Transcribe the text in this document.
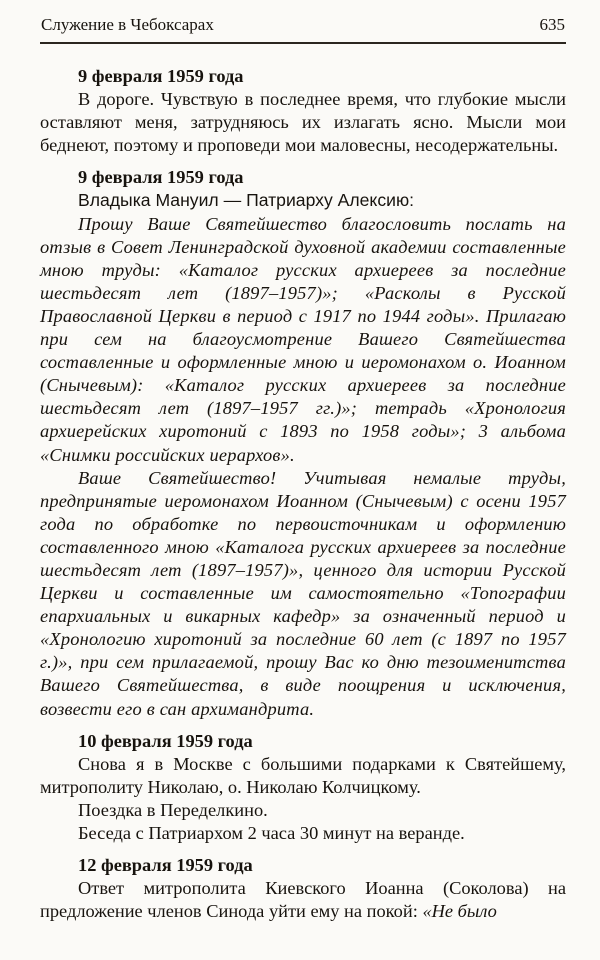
Служение в Чебоксарах	635

9 февраля 1959 года

В дороге. Чувствую в последнее время, что глубокие мысли оставляют меня, затрудняюсь их излагать ясно. Мысли мои беднеют, поэтому и проповеди мои маловесны, несодержательны.

9 февраля 1959 года

Владыка Мануил — Патриарху Алексию:

Прошу Ваше Святейшество благословить послать на отзыв в Совет Ленинградской духовной академии составленные мною труды: «Каталог русских архиереев за последние шестьдесят лет (1897–1957)»; «Расколы в Русской Православной Церкви в период с 1917 по 1944 годы». Прилагаю при сем на благоусмотрение Вашего Святейшества составленные и оформленные мною и иеромонахом о. Иоанном (Снычевым): «Каталог русских архиереев за последние шестьдесят лет (1897–1957 гг.)»; тетрадь «Хронология архиерейских хиротоний с 1893 по 1958 годы»; 3 альбома «Снимки российских иерархов».

Ваше Святейшество! Учитывая немалые труды, предпринятые иеромонахом Иоанном (Снычевым) с осени 1957 года по обработке по первоисточникам и оформлению составленного мною «Каталога русских архиереев за последние шестьдесят лет (1897–1957)», ценного для истории Русской Церкви и составленные им самостоятельно «Топографии епархиальных и викарных кафедр» за означенный период и «Хронологию хиротоний за последние 60 лет (с 1897 по 1957 г.)», при сем прилагаемой, прошу Вас ко дню тезоименитства Вашего Святейшества, в виде поощрения и исключения, возвести его в сан архимандрита.

10 февраля 1959 года

Снова я в Москве с большими подарками к Святейшему, митрополиту Николаю, о. Николаю Колчицкому.

Поездка в Переделкино.

Беседа с Патриархом 2 часа 30 минут на веранде.

12 февраля 1959 года

Ответ митрополита Киевского Иоанна (Соколова) на предложение членов Синода уйти ему на покой: «Не было
